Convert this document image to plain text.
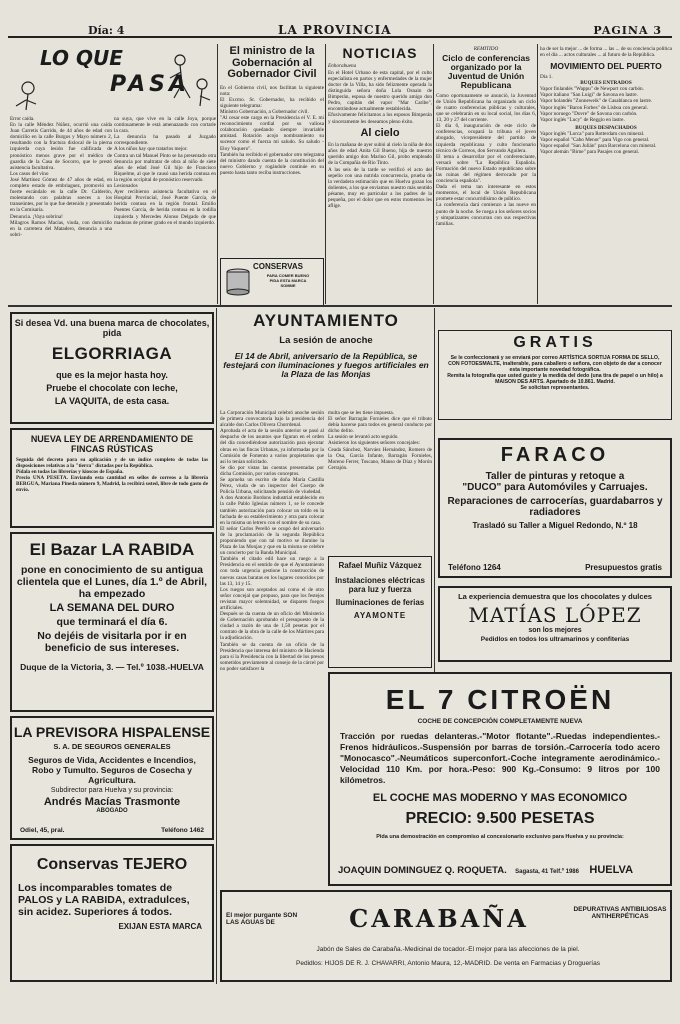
Día: 4	LA PROVINCIA	PAGINA 3
LO QUE
PASA
Error caída.
En la calle Méndez Núñez, ocurrió una caída Juan Carretis Garrido, de 44 años de edad con domicilio en la calle Burgos y Mayo número 2, resultando con la fractura dislocal de la pierna izquierda cuya lesión fue calificada de pronóstico menos grave por el médico de guardia de la Casa de Socorro, que le prestó asistencia facultativa.
Los casos del vino
José Martínez Gómez de 47 años de edad, en completo estado de embriaguez, promovió un fuerte escándalo en la calle Dr. Calderón, molestando con palabras soeces a los transeúntes, por lo que fue detenido y presentado en la Comisaría.
Denuncia. ¡Vaya sobrina!
Milagros Ramos Macías, viuda, con domicilio en la carretera del Matadero, denuncia a una sobri-
na suya, que vive en la calle Joya, porque continuamente le está amenazando con cortarle la cara.
La denuncia ha pasado al Juzgado correspondiente.
A los niños hay que tratarlos mejor.
Contra un tal Manuel Pinto se ha presentado otra denuncia por maltratar de obra al niño de siete años de edad José Gil hijo de Francisco Riquelme, al que le causó una herida contusa en la región occipital de pronóstico reservado.
Lesionados
Ayer recibieron asistencia facultativa en el Hospital Provincial, José Puente García, de herida contusa en la región frontal. Emilio Puentes García, de herida contusa en la rodilla izquierda y Mercedes Alonso Delgado de que maduras de primer grado en el mundo izquierdo.
El ministro de la Gobernación al Gobernador Civil
En el Gobierno civil, nos facilitan la siguiente nota:
El Excmo. Sr. Gobernador, ha recibido el siguiente telegrama:
Ministro Gobernación, a Gobernador civil.
"Al cesar este cargo en la Presidencia el V. E. mi reconocimiento cordial por su valiosa colaboración quedando siempre invariable amistad. Rotación acojo nombramiento su sucesor como el fuerza mi saludo. Su saludo - Eloy Vaquero".
También ha recibido el gobernador otro telegrama del ministro dando cuenta de la constitución del nuevo Gobierno y rogándole continúe en su puesto hasta tanto reciba instrucciones.
CONSERVAS
PARA COMER BUENO
PIDA ESTA MARCA
SOMME
NOTICIAS
Enhorabuena
En el Hotel Urbano de esta capital, por el culto especialista en partos y enfermedades de la mujer doctor de la Villa, ha sido felizmente operada la distinguida señora doña Lola Osnain de Bimperán, esposa de nuestro querido amigo don Pedro, capitán del vapor "Mar Caribe", encontrándose actualmente restablecida.
Efusivamente felicitamos a los esposos Bimperán y sinceramente les deseamos pleno éxito.
Al cielo
En la mañana de ayer subió al cielo la niña de dos años de edad Anita Gil Bueno, hija de nuestro querido amigo don Marino Gil, probo empleado de la Compañía de Río Tinto.
A las seis de la tarde se verificó el acto del sepelio con una nutrida concurrencia, prueba de la verdadera estimación que en Huelva gozan los dolientes, a los que enviamos nuestro más sentido pésame, muy en particular a los padres de la pequeña, por el dolor que en estos momentos les aflige.
REMITIDO
Ciclo de conferencias organizado por la Juventud de Unión Republicana
Como oportunamente se anunció, la Juventud de Unión Republicana ha organizado un ciclo de cuatro conferencias públicas y culturales, que se celebrarán en su local social, los días 6, 13, 20 y 27 del corriente.
El día 6, inauguración de este ciclo de conferencias, ocupará la tribuna el joven abogado, vicepresidente del partido de izquierda republicana y culto funcionario técnico de Correos, don Servando Aguilera.
El tema a desarrollar por el conferenciante, versará sobre "La República Española. Formación del nuevo Estado republicano sobre las ruinas del régimen derrocado por la conciencia española".
Dada el tema tan interesante en estos momentos, el local de Unión Republicana promete estar concurridísimo de público.
La conferencia dará comienzo a las nueve en punto de la noche. Se ruega a los señores socios y simpatizantes concurran con sus respectivas familias.
ha de ser la mejor ... de forma ... las ... de su conciencia política en el día ... actos culturales ... al futuro de la República.
MOVIMIENTO DEL PUERTO
Día 1.
BUQUES ENTRADOS
Vapor finlandés "Wappu" de Newport con carbón.
Vapor italiano "San Luigi" de Savona en lastre.
Vapor holandés "Zonneweik" de Casablanca en lastre.
Vapor inglés "Baron Forbes" de Lisboa con general.
Vapor noruego "Dovre" de Savona con carbón.
Vapor inglés "Lucy" de Reggio en lastre.
BUQUES DESPACHADOS
Vapor inglés "Lorca" para Rotterdam con mineral.
Vapor español "Cabo Menor" para Vigo con general.
Vapor español "San Julián" para Barcelona con mineral.
Vapor alemán "Birne" para Pasajes con general.
Si desea Vd. una buena marca de chocolates, pida
ELGORRIAGA
que es la mejor hasta hoy.
Pruebe el chocolate con leche,
LA VAQUITA, de esta casa.
NUEVA LEY DE ARRENDAMIENTO DE FINCAS RÚSTICAS
Seguida del decreto para su aplicación y de un índice completo de todas las disposiciones relativas a la "tierra" dictadas por la República.
Pídala en todas las librerías y kioscos de España.
Precio UNA PESETA. Enviando esta cantidad en sellos de correos a la librería BERGUA, Mariana Pineda número 9, Madrid, la recibirá usted, libre de todo gasto de envío.
El Bazar LA RABIDA
pone en conocimiento de su antigua clientela que el Lunes, día 1.º de Abril, ha empezado
LA SEMANA DEL DURO
que terminará el día 6.
No dejéis de visitarla por ir en beneficio de sus intereses.
Duque de la Victoria, 3. — Tel.º 1038.-HUELVA
LA PREVISORA HISPALENSE
S. A. DE SEGUROS GENERALES
Seguros de Vida, Accidentes e Incendios, Robo y Tumulto. Seguros de Cosecha y Agricultura.
Subdirector para Huelva y su provincia:
Andrés Macías Trasmonte
ABOGADO
Odiel, 45, pral.	Teléfono 1462
Conservas TEJERO
Los incomparables tomates de PALOS y LA RABIDA, extradulces, sin acidez. Superiores á todos.
EXIJAN ESTA MARCA
AYUNTAMIENTO
La sesión de anoche
El 14 de Abril, aniversario de la República, se festejará con iluminaciones y fuegos artificiales en la Plaza de las Monjas
La Corporación Municipal celebró anoche sesión de primera convocatoria bajo la presidencia del alcalde don Carlos Olivera Chorrdenal.
Aprobada el acta de la sesión anterior se pasó al despacho de los asuntos que figuran en el orden del día concediéndose autorización para ejecutar obras en las fincas Urbanas, ya informadas por la Comisión de Fomento a varios propietarios que así lo tenían solicitado.
Se dio por vistas las cuentas presentadas por dicha Comisión, por varios conceptos.
Se aprueba un escrito de doña María Castilla Pérez, viuda de un inspector del Cuerpo de Policía Urbana, solicitando pensión de viudedad.
A don Antonio Bordons industrial establecido en la calle Pablo Iglesias número 1, se le concede también autorización para colocar un toldo en la fachada de su establecimiento y otra para colocar en la misma un letrero con el nombre de su casa.
El señor Carlos Perelló se ocupó del aniversario de la proclamación de la segunda República proponiendo que con tal motivo se ilumine la Plaza de las Monjas y que en la misma se celebre un concierto por la Banda Municipal.
También el citado edil hace un ruego a la Presidencia en el sentido de que el Ayuntamiento con toda urgencia gestione la construcción de nuevas casas baratas en los lugares conocidos por las 13, 14 y 15.
Los ruegos son aceptados así como el de otro señor concejal que propuso, para que los festejos revistan mayor solemnidad, se disparen fuegos artificiales.
Después se da cuenta de un oficio del Ministerio de Gobernación aprobando el presupuesto de la ciudad a razón de una de 1,50 pesetas por el contrato de la obra de la calle de los Mártires para la adjudicación.
También se da cuenta de un oficio de la Presidencia que interesa del ministro de Hacienda para sí la Presidencia con la libertad de los presos sometidos previamente al consejo de la cárcel por no poder satisfacer la
multa que se les tiene impuesta.
El señor Barragán Fornieles dice que el tributo debía hacerse para todos en general conducto por dicho delito.
La sesión se levantó acto seguido.
Asistieron los siguientes señores concejales:
Ceada Sánchez, Narváez Hernández, Romero de la Osa, García Infante, Barragán Fornieles, Moreno Ferrer, Toscano, Manso de Díaz y Morón Cerrajón.
Rafael Muñiz Vázquez
Instalaciones eléctricas para luz y fuerza
Iluminaciones de ferias
AYAMONTE
GRATIS
Se le confeccionará y se enviará por correo ARTÍSTICA SORTIJA FORMA DE SELLO, CON FOTOESMALTE, inalterable, para caballero o señora, con objeto de dar a conocer esta importante novedad fotográfica.
Remita la fotografía que usted guste y la medida del dedo (una tira de papel o un hilo) a MAISON DES ARTS. Apartado de 10.861. Madrid.
Se solicitan representantes.
FARACO
Taller de pinturas y retoque a
"DUCO" para Automóviles y Carruajes.
Reparaciones de carrocerías, guardabarros y radiadores
Trasladó su Taller a Miguel Redondo, N.º 18
Teléfono 1264	Presupuestos gratis
La experiencia demuestra que los chocolates y dulces
MATÍAS LÓPEZ
son los mejores
Pedidlos en todos los ultramarinos y confiterías
EL 7 CITROËN
COCHE DE CONCEPCIÓN COMPLETAMENTE NUEVA
Tracción por ruedas delanteras.-"Motor flotante".-Ruedas independientes.-Frenos hidráulicos.-Suspensión por barras de torsión.-Carrocería todo acero "Monocasco".-Neumáticos superconfort.-Coche integramente aerodinámico.-Velocidad 110 Km. por hora.-Peso: 900 Kg.-Consumo: 9 litros por 100 kilómetros.
EL COCHE MAS MODERNO Y MAS ECONOMICO
PRECIO: 9.500 PESETAS
Pida una demostración en compromiso al concesionario exclusivo para Huelva y su provincia:
JOAQUIN DOMINGUEZ Q. ROQUETA. Sagasta, 41 Telf.º 1986 HUELVA
El mejor purgante SON LAS AGUAS DE	CARABAÑA	DEPURATIVAS ANTIBILIOSAS ANTIHERPÉTICAS
Jabón de Sales de Carabaña.-Medicinal de tocador.-El mejor para las afecciones de la piel.
Pedidlos: HIJOS DE R. J. CHAVARRI, Antonio Maura, 12,-MADRID. De venta en Farmacias y Droguerías
